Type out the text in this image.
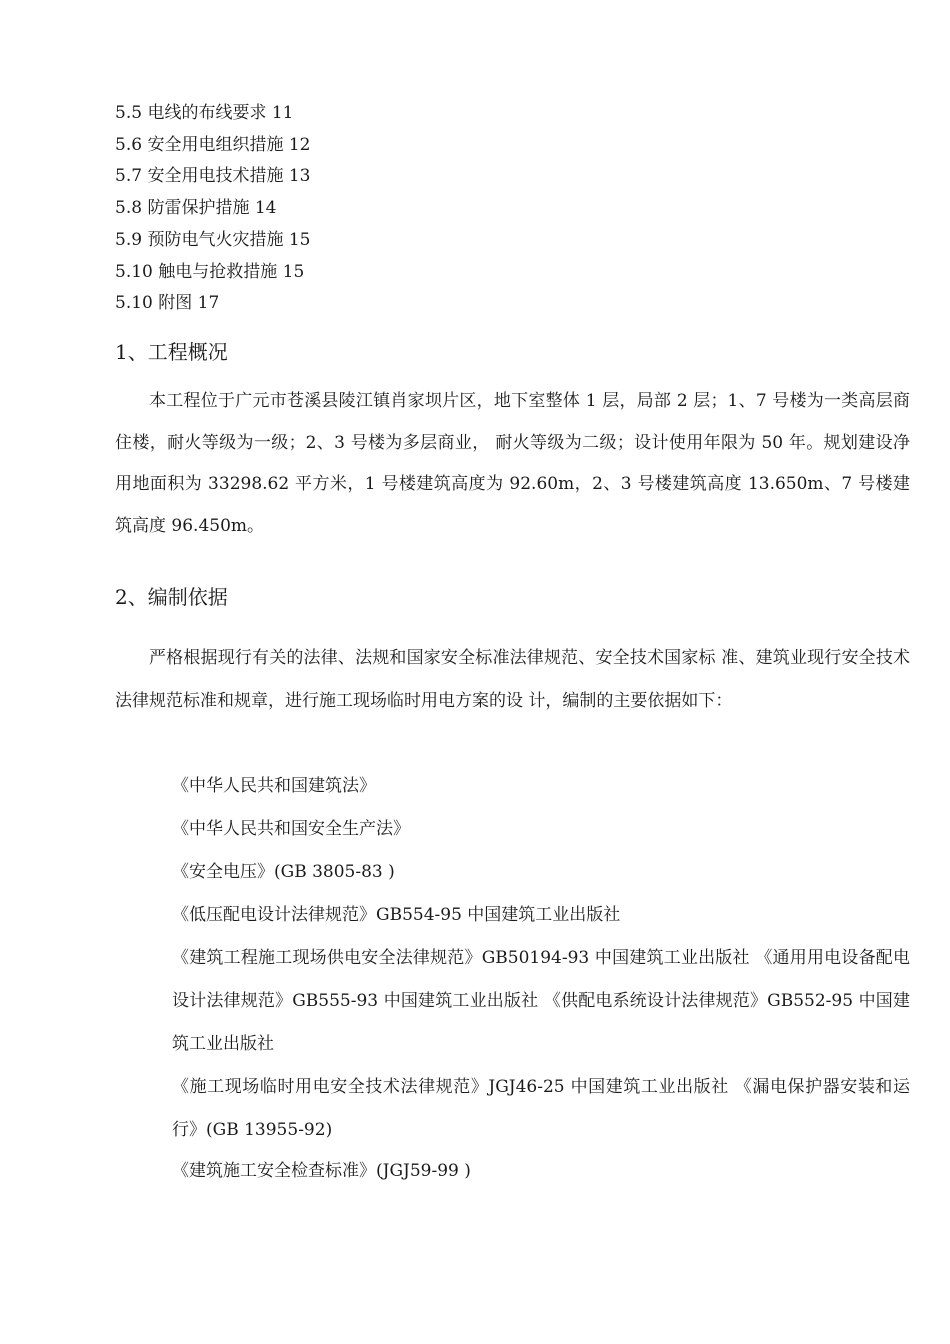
5.5 电线的布线要求 11
5.6 安全用电组织措施 12
5.7 安全用电技术措施 13
5.8 防雷保护措施 14
5.9 预防电气火灾措施 15
5.10 触电与抢救措施 15
5.10 附图 17
1、工程概况

本工程位于广元市苍溪县陵江镇肖家坝片区，地下室整体 1 层，局部 2 层；1、7 号楼为一类高层商住楼，耐火等级为一级；2、3 号楼为多层商业， 耐火等级为二级；设计使用年限为 50 年。规划建设净用地面积为 33298.62 平方米，1 号楼建筑高度为 92.60m，2、3 号楼建筑高度 13.650m、7 号楼建 筑高度 96.450m。

2、编制依据

严格根据现行有关的法律、法规和国家安全标准法律规范、安全技术国家标 准、建筑业现行安全技术法律规范标准和规章，进行施工现场临时用电方案的设 计，编制的主要依据如下：

《中华人民共和国建筑法》
《中华人民共和国安全生产法》
《安全电压》(GB 3805-83 )
《低压配电设计法律规范》GB554-95 中国建筑工业出版社
《建筑工程施工现场供电安全法律规范》GB50194-93 中国建筑工业出版社 《通用用电设备配电设计法律规范》GB555-93 中国建筑工业出版社 《供配电系统设计法律规范》GB552-95 中国建筑工业出版社
《施工现场临时用电安全技术法律规范》JGJ46-25 中国建筑工业出版社 《漏电保护器安装和运行》(GB 13955-92)
《建筑施工安全检查标准》(JGJ59-99 )
